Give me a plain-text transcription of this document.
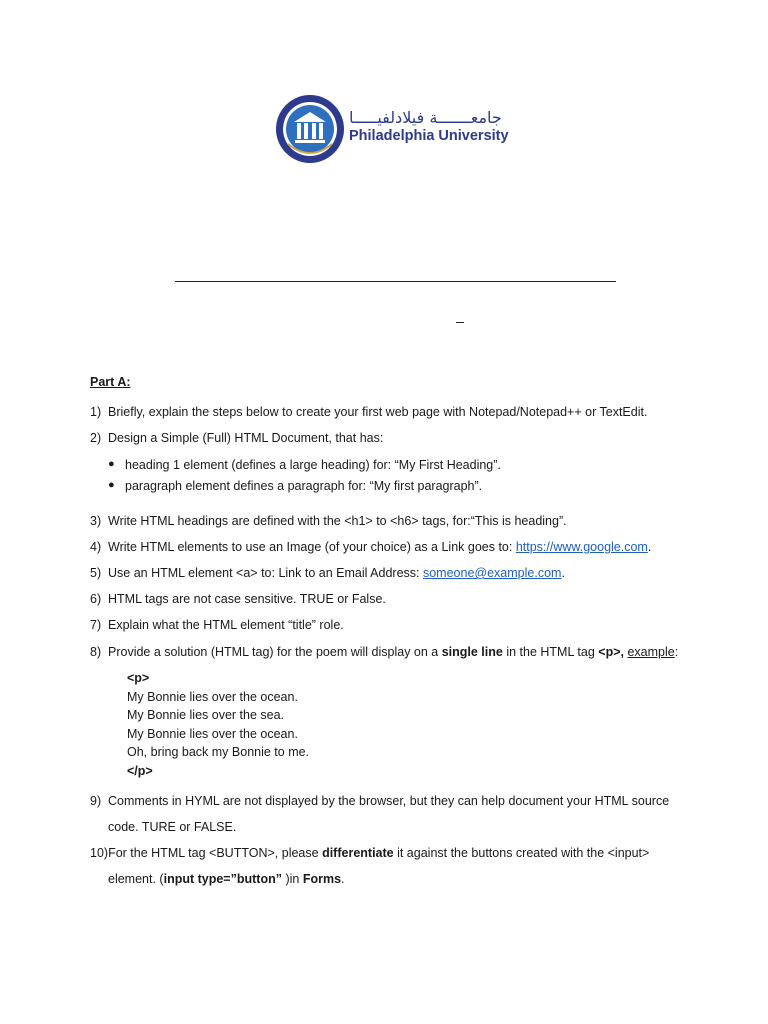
جامعـــــــة فيلادلفيـــــا
Philadelphia University
Part A:
1) Briefly, explain the steps below to create your first web page with Notepad/Notepad++ or TextEdit.
2) Design a Simple (Full) HTML Document, that has:
● heading 1 element (defines a large heading) for: “My First Heading”.
● paragraph element defines a paragraph for: “My first paragraph”.
3) Write HTML headings are defined with the <h1> to <h6> tags, for:“This is heading”.
4) Write HTML elements to use an Image (of your choice) as a Link goes to: https://www.google.com.
5) Use an HTML element <a> to: Link to an Email Address: someone@example.com.
6) HTML tags are not case sensitive. TRUE or False.
7) Explain what the HTML element “title” role.
8) Provide a solution (HTML tag) for the poem will display on a single line in the HTML tag <p>, example:
<p>
My Bonnie lies over the ocean.
My Bonnie lies over the sea.
My Bonnie lies over the ocean.
Oh, bring back my Bonnie to me.
</p>
9) Comments in HYML are not displayed by the browser, but they can help document your HTML source
code. TURE or FALSE.
10)For the HTML tag <BUTTON>, please differentiate it against the buttons created with the <input>
element. (input type=”button” )in Forms.
